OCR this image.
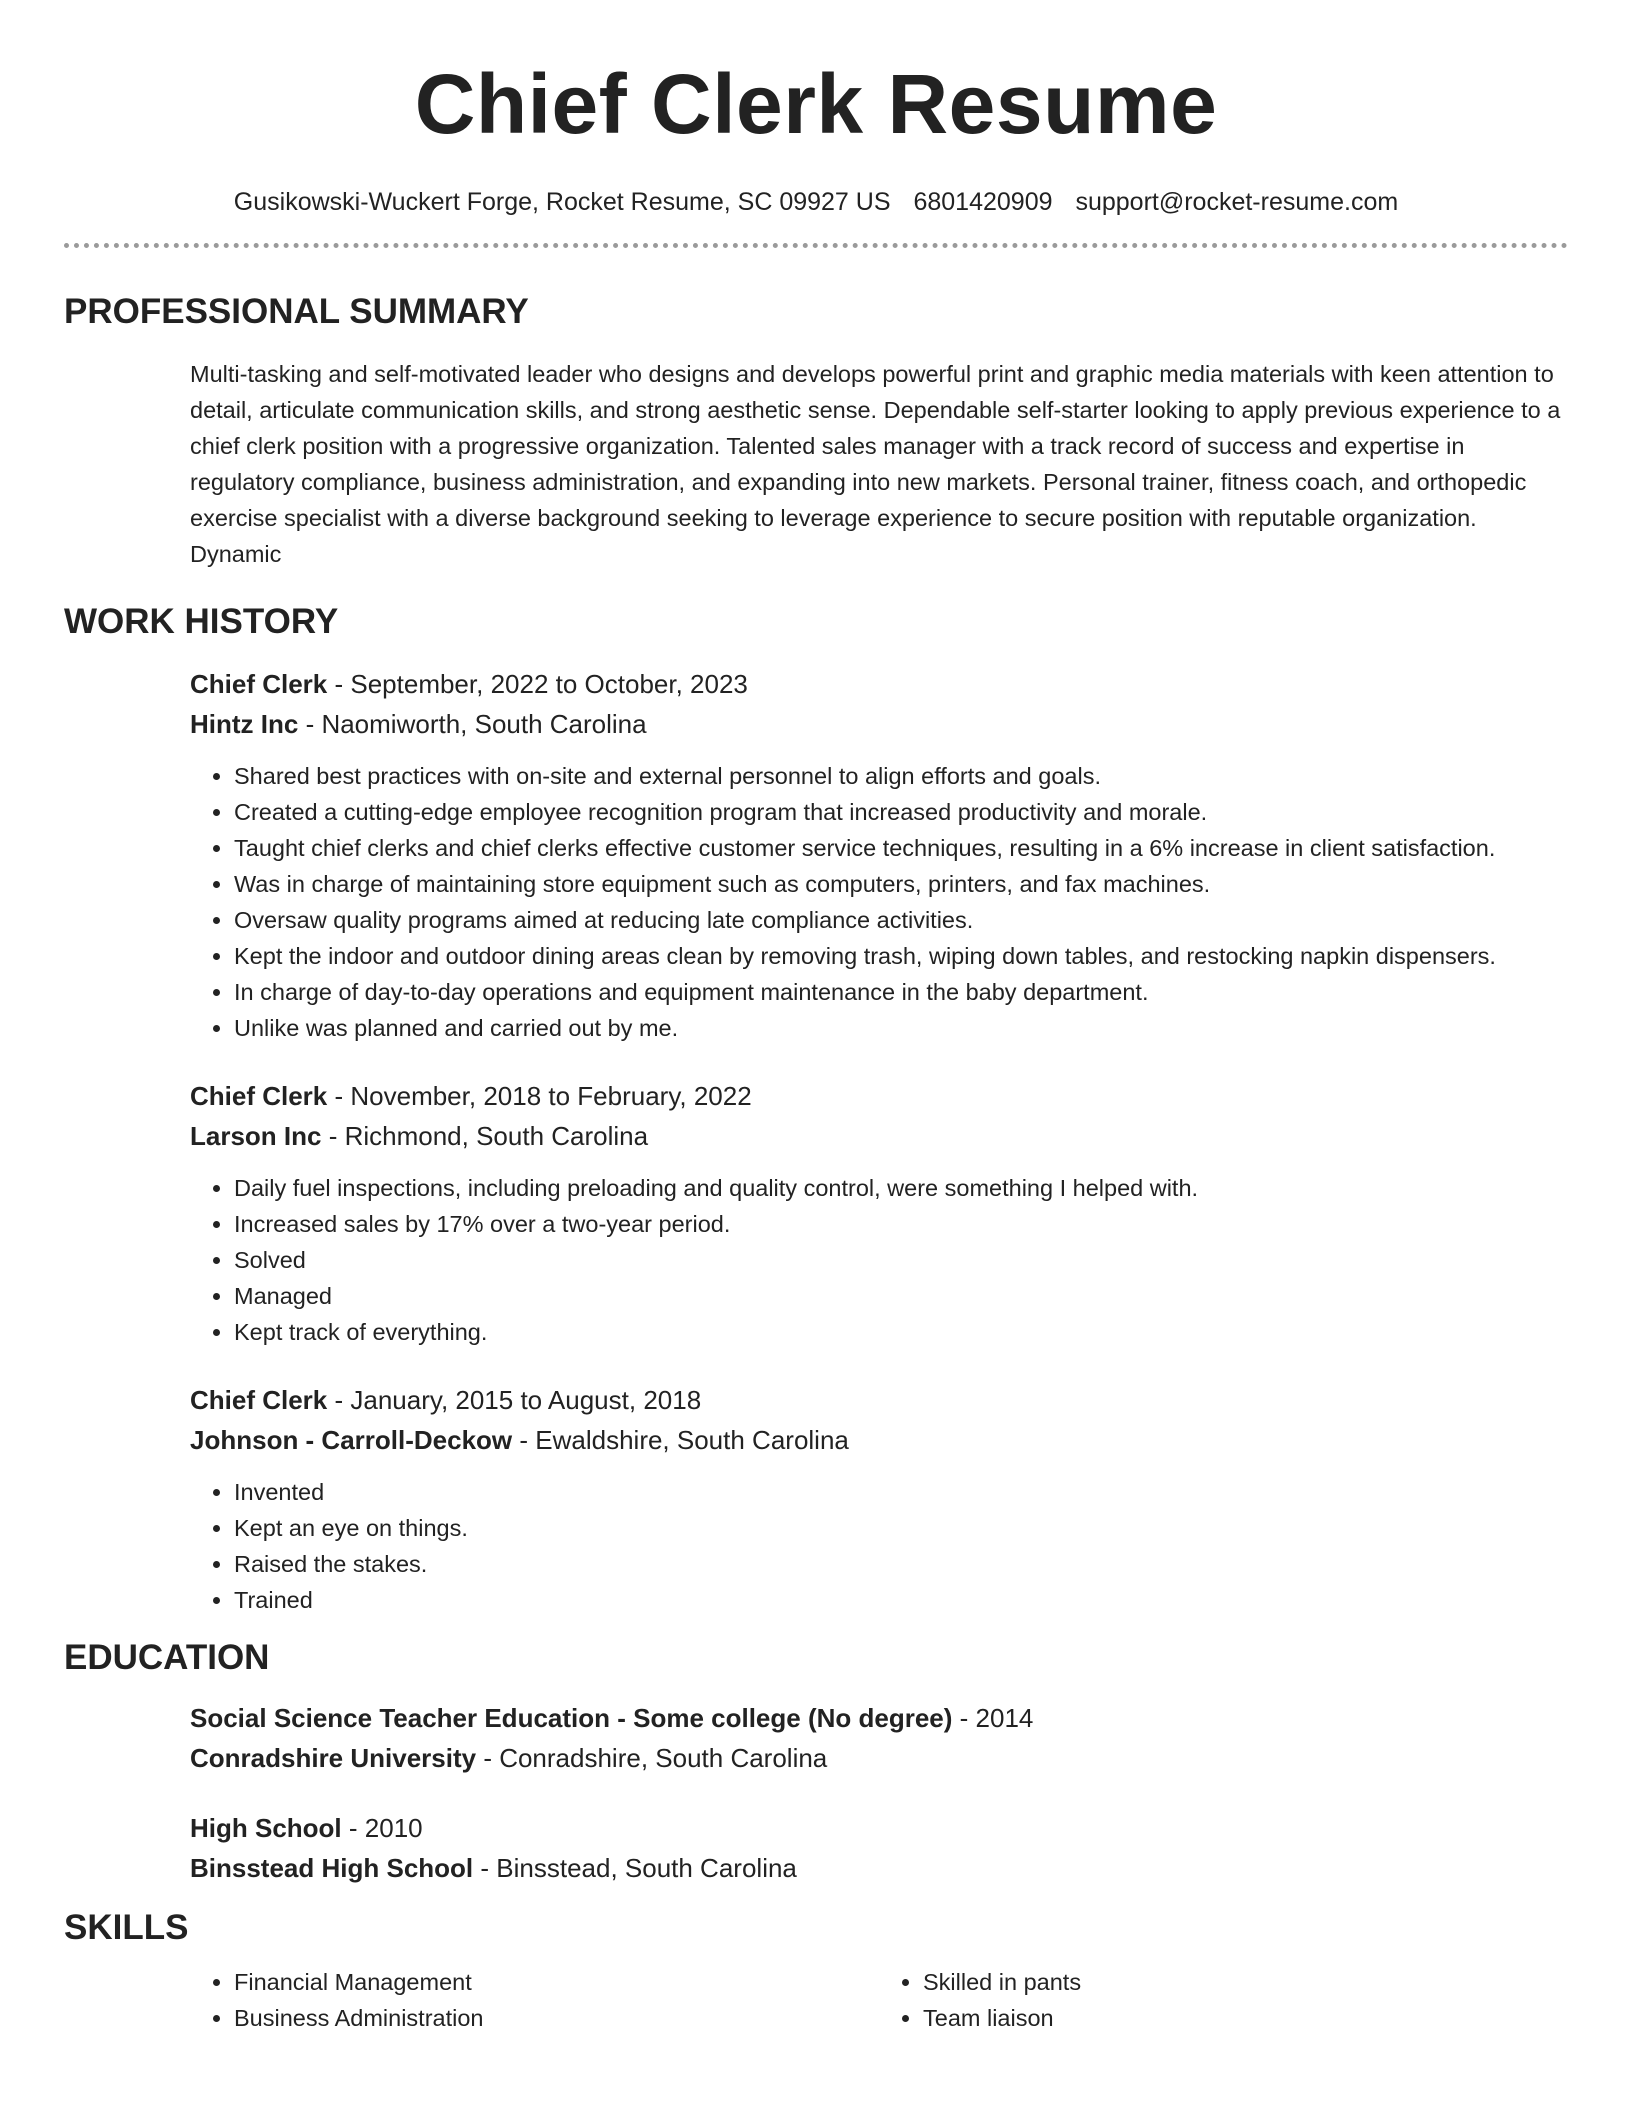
Chief Clerk Resume
Gusikowski-Wuckert Forge, Rocket Resume, SC 09927 US 6801420909 support@rocket-resume.com
PROFESSIONAL SUMMARY

Multi-tasking and self-motivated leader who designs and develops powerful print and graphic media materials with keen attention to detail, articulate communication skills, and strong aesthetic sense. Dependable self-starter looking to apply previous experience to a chief clerk position with a progressive organization. Talented sales manager with a track record of success and expertise in regulatory compliance, business administration, and expanding into new markets. Personal trainer, fitness coach, and orthopedic exercise specialist with a diverse background seeking to leverage experience to secure position with reputable organization. Dynamic

WORK HISTORY
Chief Clerk - September, 2022 to October, 2023
Hintz Inc - Naomiworth, South Carolina
• Shared best practices with on-site and external personnel to align efforts and goals.
• Created a cutting-edge employee recognition program that increased productivity and morale.
• Taught chief clerks and chief clerks effective customer service techniques, resulting in a 6% increase in client satisfaction.
• Was in charge of maintaining store equipment such as computers, printers, and fax machines.
• Oversaw quality programs aimed at reducing late compliance activities.
• Kept the indoor and outdoor dining areas clean by removing trash, wiping down tables, and restocking napkin dispensers.
• In charge of day-to-day operations and equipment maintenance in the baby department.
• Unlike was planned and carried out by me.
Chief Clerk - November, 2018 to February, 2022
Larson Inc - Richmond, South Carolina
• Daily fuel inspections, including preloading and quality control, were something I helped with.
• Increased sales by 17% over a two-year period.
• Solved
• Managed
• Kept track of everything.
Chief Clerk - January, 2015 to August, 2018
Johnson - Carroll-Deckow - Ewaldshire, South Carolina
• Invented
• Kept an eye on things.
• Raised the stakes.
• Trained
EDUCATION
Social Science Teacher Education - Some college (No degree) - 2014
Conradshire University - Conradshire, South Carolina
High School - 2010
Binsstead High School - Binsstead, South Carolina
SKILLS
• Financial Management
• Business Administration
• Skilled in pants
• Team liaison
